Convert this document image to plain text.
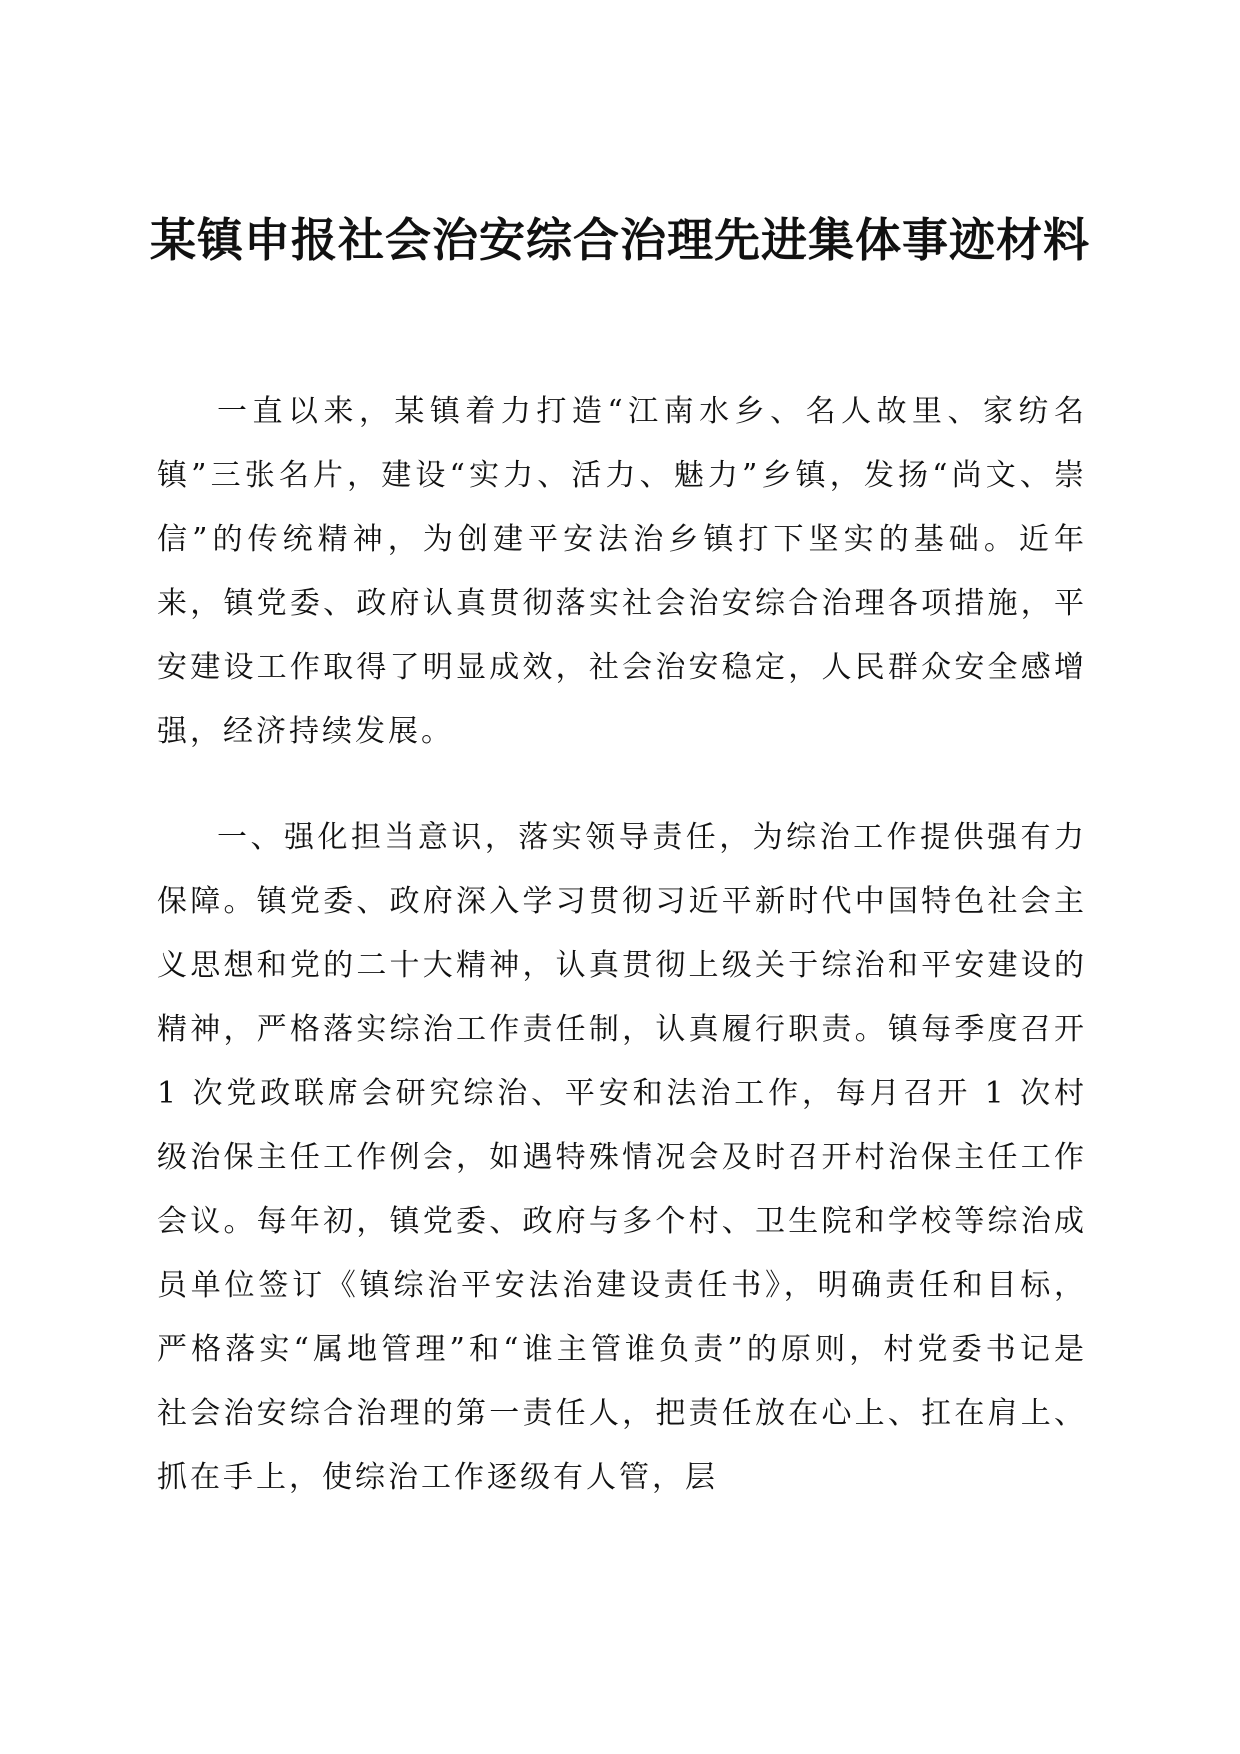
某镇申报社会治安综合治理先进集体事迹材料

一直以来，某镇着力打造“江南水乡、名人故里、家纺名镇”三张名片，建设“实力、活力、魅力”乡镇，发扬“尚文、崇信”的传统精神，为创建平安法治乡镇打下坚实的基础。近年来，镇党委、政府认真贯彻落实社会治安综合治理各项措施，平安建设工作取得了明显成效，社会治安稳定，人民群众安全感增强，经济持续发展。

一、强化担当意识，落实领导责任，为综治工作提供强有力保障。镇党委、政府深入学习贯彻习近平新时代中国特色社会主义思想和党的二十大精神，认真贯彻上级关于综治和平安建设的精神，严格落实综治工作责任制，认真履行职责。镇每季度召开 1 次党政联席会研究综治、平安和法治工作，每月召开 1 次村级治保主任工作例会，如遇特殊情况会及时召开村治保主任工作会议。每年初，镇党委、政府与多个村、卫生院和学校等综治成员单位签订《镇综治平安法治建设责任书》，明确责任和目标，严格落实“属地管理”和“谁主管谁负责”的原则，村党委书记是社会治安综合治理的第一责任人，把责任放在心上、扛在肩上、抓在手上，使综治工作逐级有人管，层
